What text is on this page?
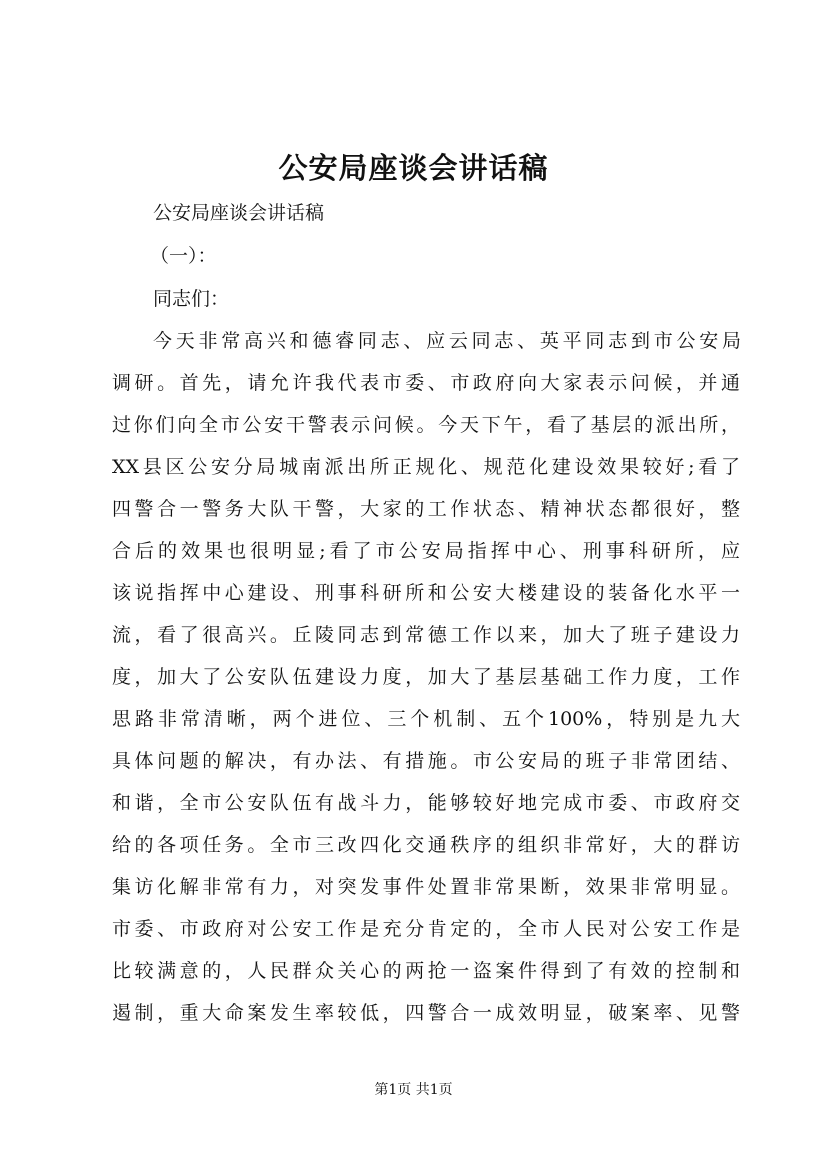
公安局座谈会讲话稿
公安局座谈会讲话稿
（一）：
同志们：
今天非常高兴和德睿同志、应云同志、英平同志到市公安局
调研。首先，请允许我代表市委、市政府向大家表示问候，并通
过你们向全市公安干警表示问候。今天下午，看了基层的派出所，
XX县区公安分局城南派出所正规化、规范化建设效果较好;看了
四警合一警务大队干警，大家的工作状态、精神状态都很好，整
合后的效果也很明显;看了市公安局指挥中心、刑事科研所，应
该说指挥中心建设、刑事科研所和公安大楼建设的装备化水平一
流，看了很高兴。丘陵同志到常德工作以来，加大了班子建设力
度，加大了公安队伍建设力度，加大了基层基础工作力度，工作
思路非常清晰，两个进位、三个机制、五个100%，特别是九大
具体问题的解决，有办法、有措施。市公安局的班子非常团结、
和谐，全市公安队伍有战斗力，能够较好地完成市委、市政府交
给的各项任务。全市三改四化交通秩序的组织非常好，大的群访
集访化解非常有力，对突发事件处置非常果断，效果非常明显。
市委、市政府对公安工作是充分肯定的，全市人民对公安工作是
比较满意的，人民群众关心的两抢一盗案件得到了有效的控制和
遏制，重大命案发生率较低，四警合一成效明显，破案率、见警
第1页 共1页
